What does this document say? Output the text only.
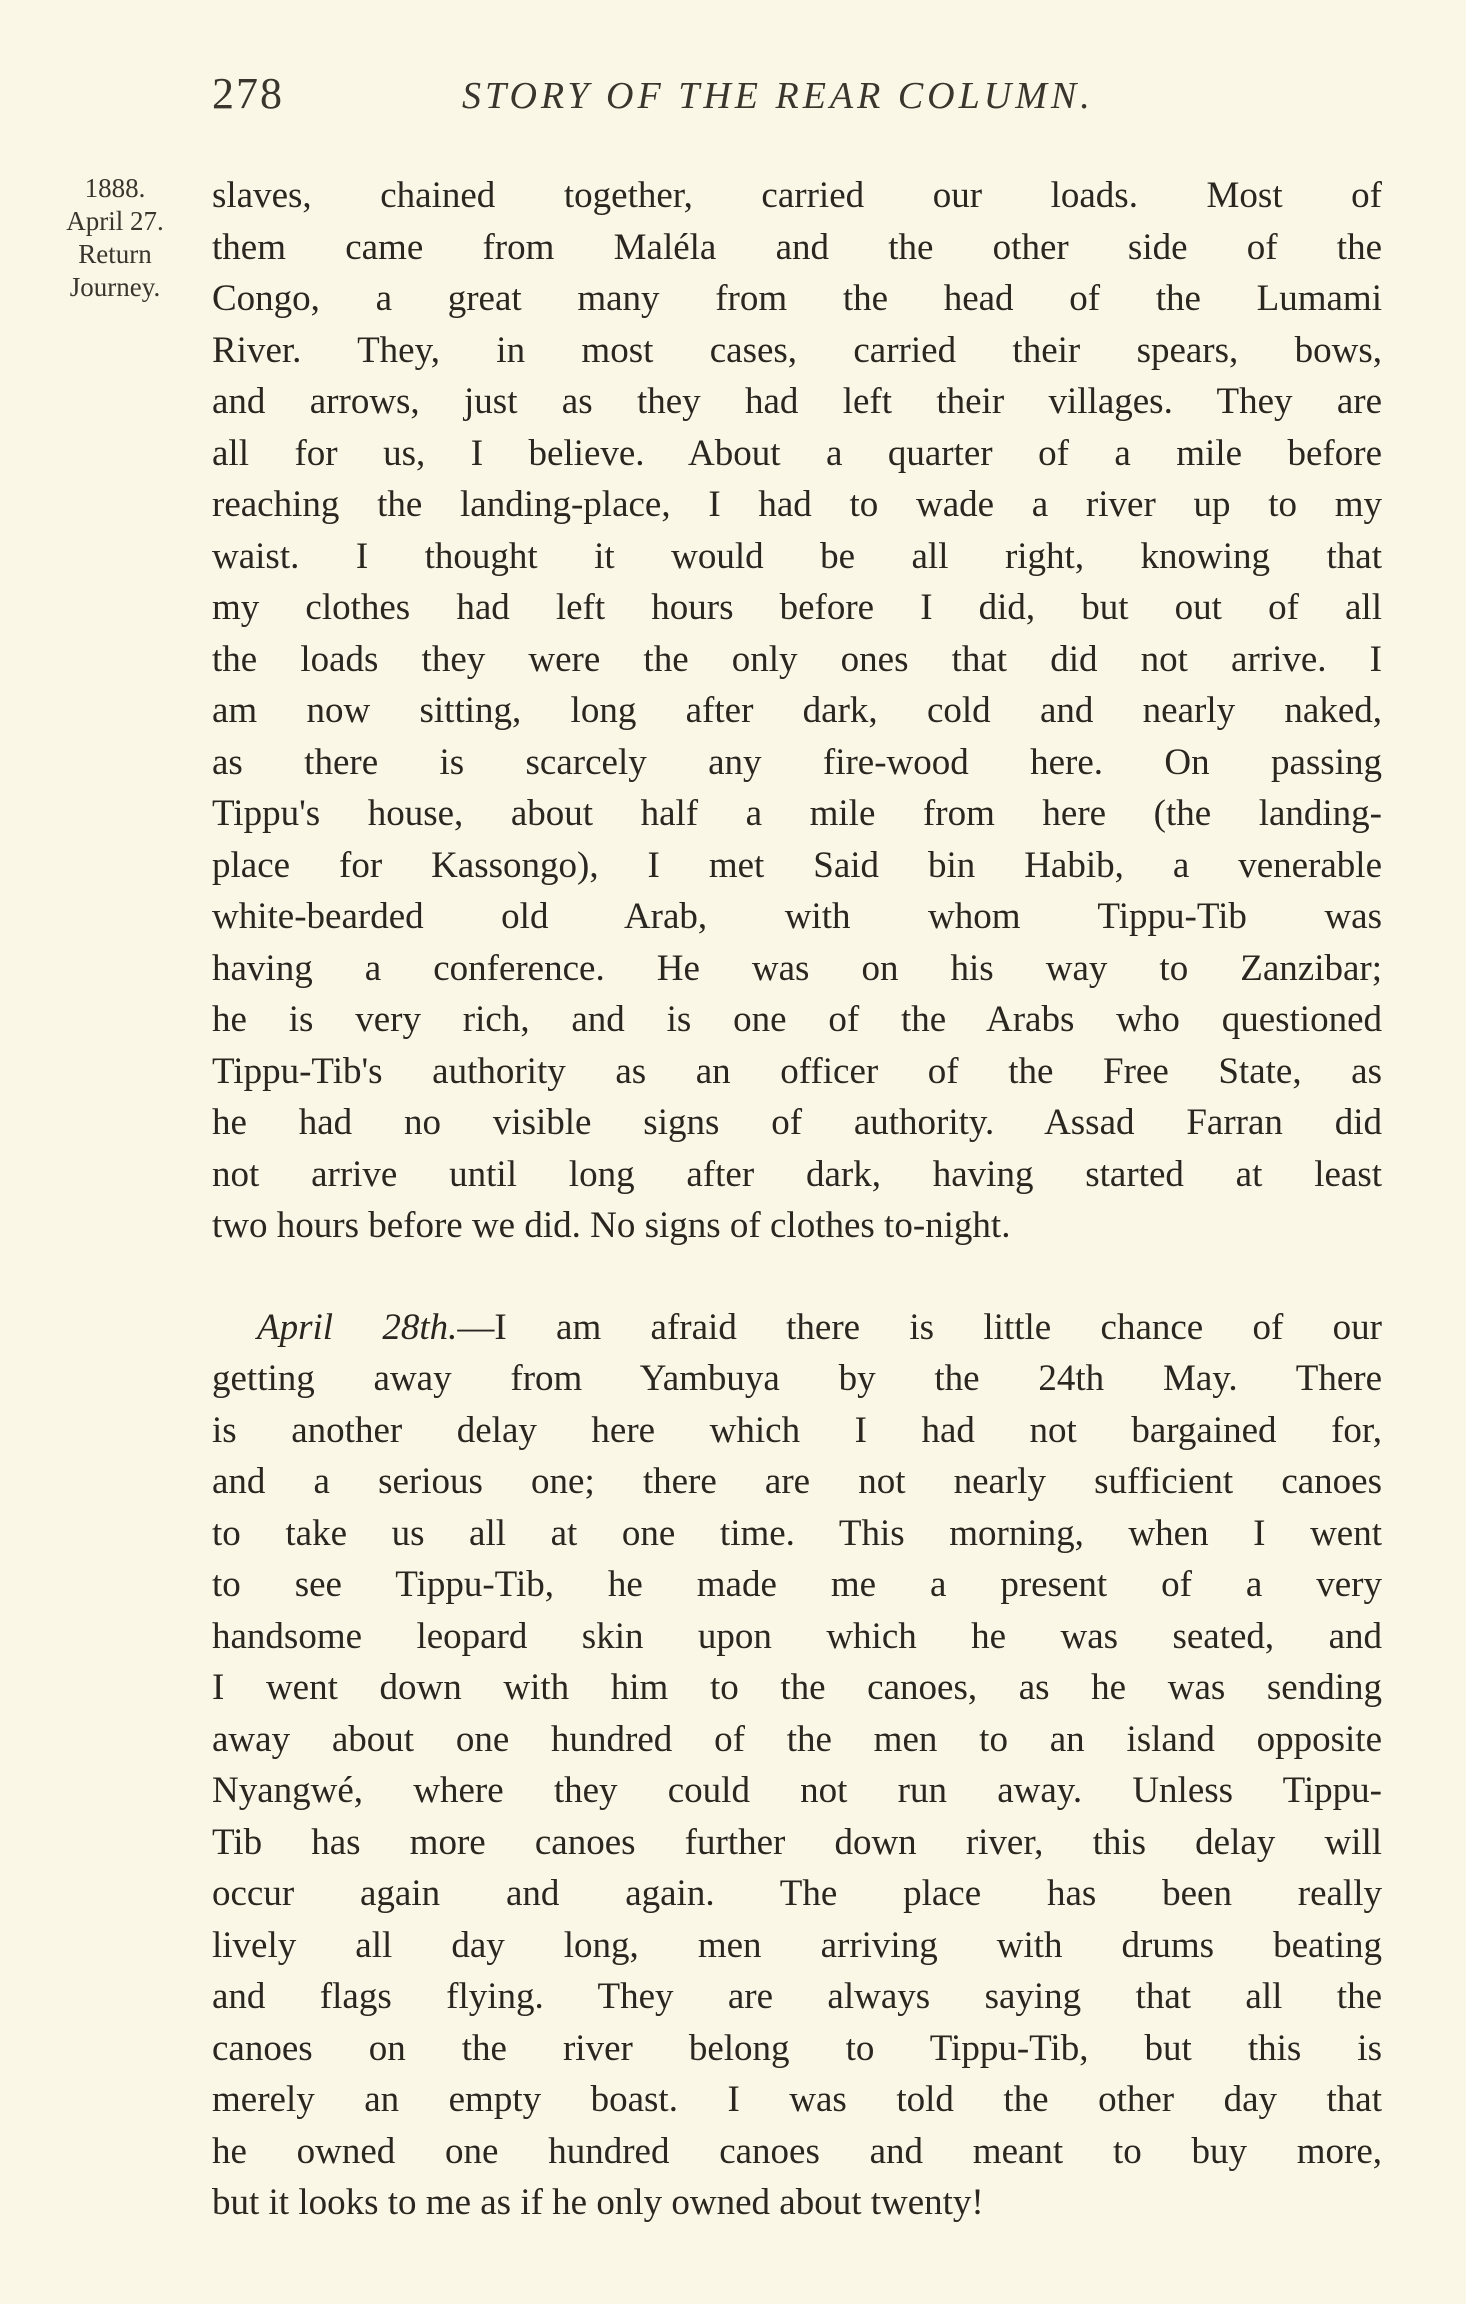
278	STORY OF THE REAR COLUMN.
1888.
April 27.
Return
Journey.
slaves, chained together, carried our loads. Most of
them came from Maléla and the other side of the
Congo, a great many from the head of the Lumami
River. They, in most cases, carried their spears, bows,
and arrows, just as they had left their villages. They are
all for us, I believe. About a quarter of a mile before
reaching the landing-place, I had to wade a river up to my
waist. I thought it would be all right, knowing that
my clothes had left hours before I did, but out of all
the loads they were the only ones that did not arrive. I
am now sitting, long after dark, cold and nearly naked,
as there is scarcely any fire-wood here. On passing
Tippu's house, about half a mile from here (the landing-
place for Kassongo), I met Said bin Habib, a venerable
white-bearded old Arab, with whom Tippu-Tib was
having a conference. He was on his way to Zanzibar;
he is very rich, and is one of the Arabs who questioned
Tippu-Tib's authority as an officer of the Free State, as
he had no visible signs of authority. Assad Farran did
not arrive until long after dark, having started at least
two hours before we did. No signs of clothes to-night.
April 28th.—I am afraid there is little chance of our
getting away from Yambuya by the 24th May. There
is another delay here which I had not bargained for,
and a serious one; there are not nearly sufficient canoes
to take us all at one time. This morning, when I went
to see Tippu-Tib, he made me a present of a very
handsome leopard skin upon which he was seated, and
I went down with him to the canoes, as he was sending
away about one hundred of the men to an island opposite
Nyangwé, where they could not run away. Unless Tippu-
Tib has more canoes further down river, this delay will
occur again and again. The place has been really
lively all day long, men arriving with drums beating
and flags flying. They are always saying that all the
canoes on the river belong to Tippu-Tib, but this is
merely an empty boast. I was told the other day that
he owned one hundred canoes and meant to buy more,
but it looks to me as if he only owned about twenty!
